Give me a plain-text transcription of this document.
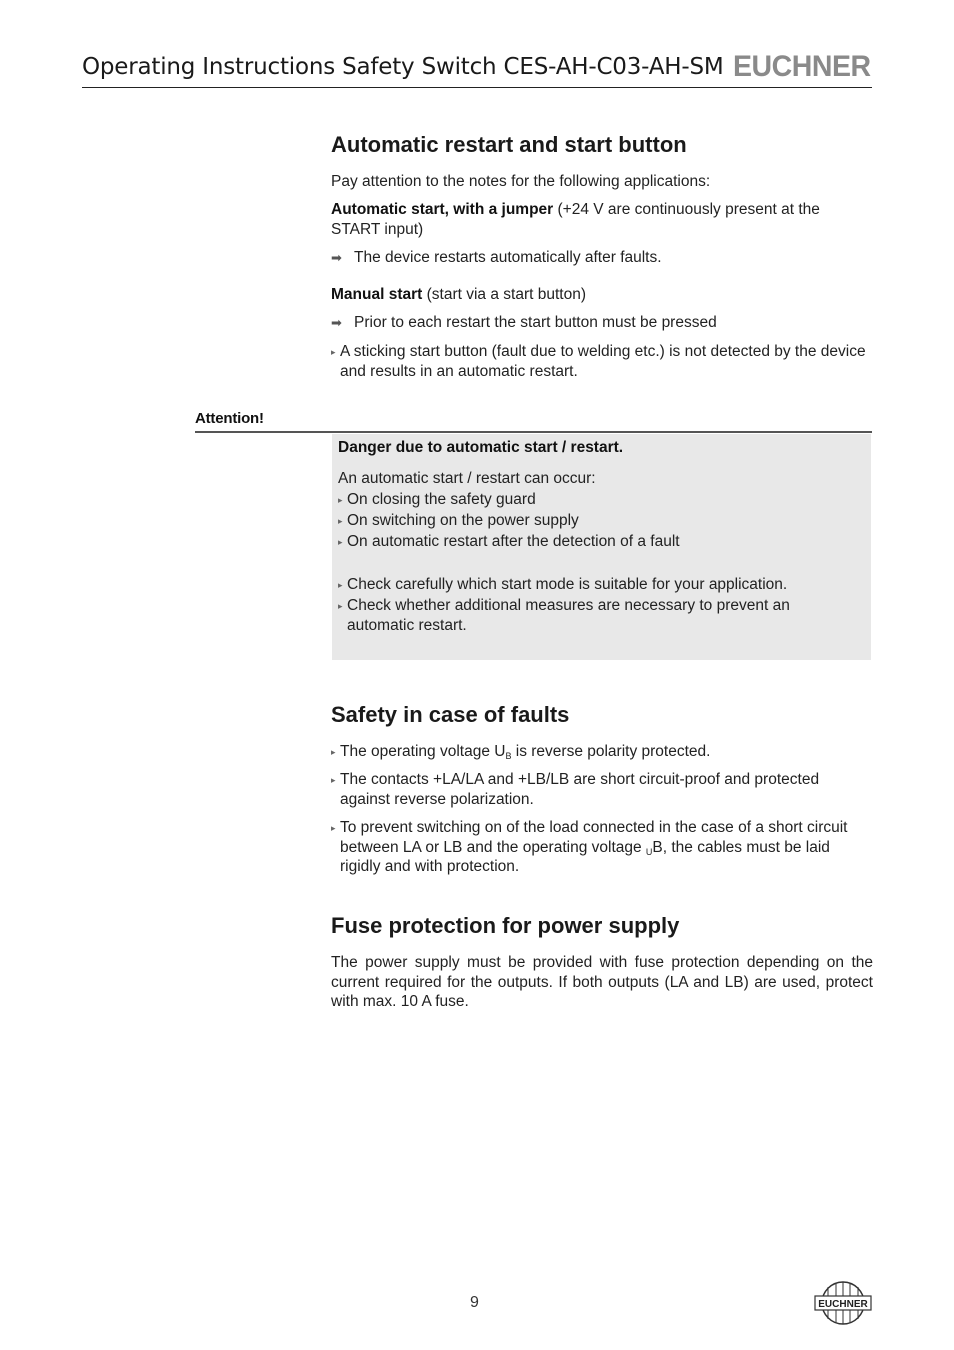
Operating Instructions Safety Switch CES-AH-C03-AH-SM EUCHNER
Automatic restart and start button
Pay attention to the notes for the following applications:
Automatic start, with a jumper (+24 V are continuously present at the START input)
➡ The device restarts automatically after faults.
Manual start (start via a start button)
➡ Prior to each restart the start button must be pressed
▸ A sticking start button (fault due to welding etc.) is not detected by the device and results in an automatic restart.
Attention!
Danger due to automatic start / restart.
An automatic start / restart can occur:
▸ On closing the safety guard
▸ On switching on the power supply
▸ On automatic restart after the detection of a fault
▸ Check carefully which start mode is suitable for your application.
▸ Check whether additional measures are necessary to prevent an automatic restart.
Safety in case of faults
▸ The operating voltage $U_B$ is reverse polarity protected.
▸ The contacts +LA/LA and +LB/LB are short circuit-proof and protected against reverse polarization.
▸ To prevent switching on of the load connected in the case of a short circuit between LA or LB and the operating voltage $_U$B, the cables must be laid rigidly and with protection.
Fuse protection for power supply
The power supply must be provided with fuse protection depending on the current required for the outputs. If both outputs (LA and LB) are used, protect with max. 10 A fuse.
9	EUCHNER
